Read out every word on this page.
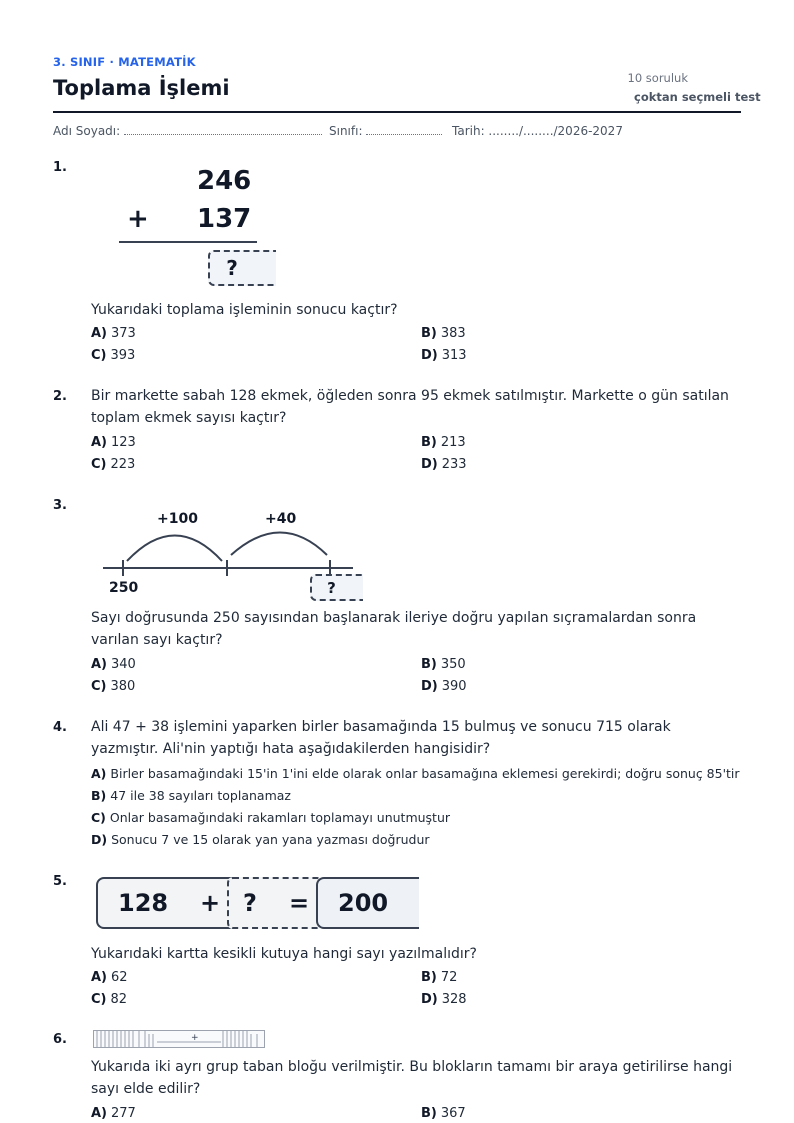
3. SINIF · MATEMATİK
Toplama İşlemi	10 soruluk
çoktan seçmeli test
Adı Soyadı:	Sınıfı:	Tarih: ......../......../2026-2027
1.	246
+ 137
?
Yukarıdaki toplama işleminin sonucu kaçtır?
A) 373	B) 383
C) 393	D) 313
2. Bir markette sabah 128 ekmek, öğleden sonra 95 ekmek satılmıştır. Markette o gün satılan toplam ekmek sayısı kaçtır?
A) 123	B) 213
C) 223	D) 233
3.
+100	+40
250	?
Sayı doğrusunda 250 sayısından başlanarak ileriye doğru yapılan sıçramalardan sonra varılan sayı kaçtır?
A) 340	B) 350
C) 380	D) 390
4. Ali 47 + 38 işlemini yaparken birler basamağında 15 bulmuş ve sonucu 715 olarak yazmıştır. Ali'nin yaptığı hata aşağıdakilerden hangisidir?
A) Birler basamağındaki 15'in 1'ini elde olarak onlar basamağına eklemesi gerekirdi; doğru sonuç 85'tir
B) 47 ile 38 sayıları toplanamaz
C) Onlar basamağındaki rakamları toplamayı unutmuştur
D) Sonucu 7 ve 15 olarak yan yana yazması doğrudur
5.
128 + ? = 200
Yukarıdaki kartta kesikli kutuya hangi sayı yazılmalıdır?
A) 62	B) 72
C) 82	D) 328
6.	+
Yukarıda iki ayrı grup taban bloğu verilmiştir. Bu blokların tamamı bir araya getirilirse hangi sayı elde edilir?
A) 277	B) 367
